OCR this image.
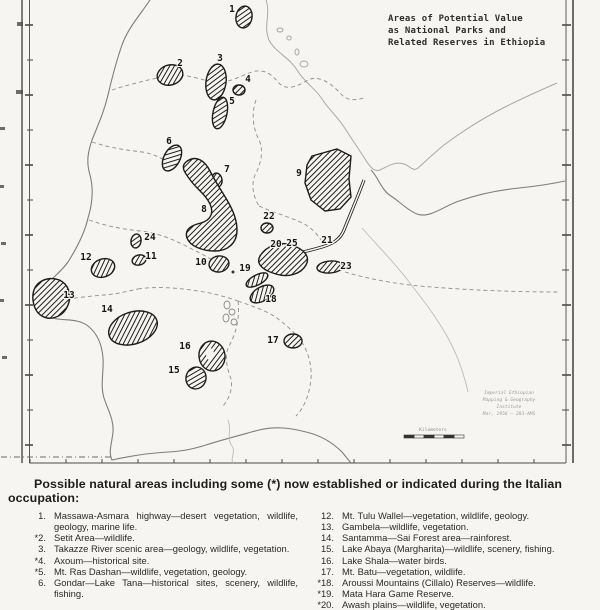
1
2	3
4
5
6
7
8
9
10
11
12
13
14
15
16
17
18
19
20
22
23
24	21
25
Areas of Potential Value
as National Parks and
Related Reserves in Ethiopia
Imperial Ethiopian
Mapping & Geography
Institute
Mar, 1956 — 283-AMS
Kilometers
Possible natural areas including some (*) now established or indicated during the Italian occupation:
1. Massawa-Asmara highway—desert vegetation, wildlife, geology, marine life.
*2. Setit Area—wildlife.
3. Takazze River scenic area—geology, wildlife, vegetation.
*4. Axoum—historical site.
*5. Mt. Ras Dashan—wildlife, vegetation, geology.
6. Gondar—Lake Tana—historical sites, scenery, wildlife, fishing.
12. Mt. Tulu Wallel—vegetation, wildlife, geology.
13. Gambela—wildlife, vegetation.
14. Santamma—Sai Forest area—rainforest.
15. Lake Abaya (Margharita)—wildlife, scenery, fishing.
16. Lake Shala—water birds.
17. Mt. Batu—vegetation, wildlife.
*18. Aroussi Mountains (Cillalo) Reserves—wildlife.
*19. Mata Hara Game Reserve.
*20. Awash plains—wildlife, vegetation.
